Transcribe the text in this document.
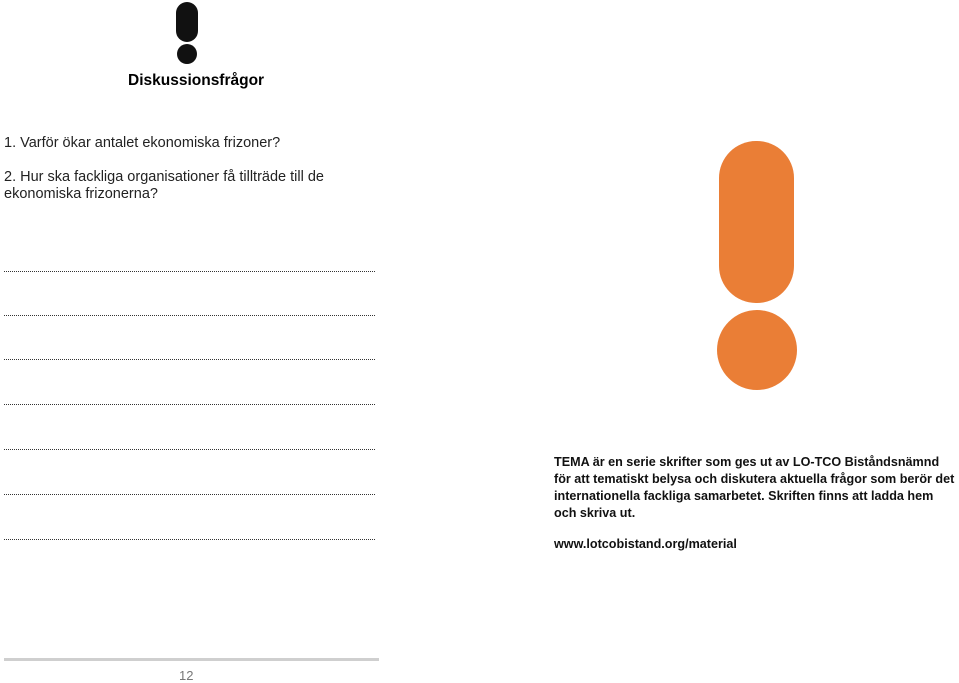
Diskussionsfrågor
1. Varför ökar antalet ekonomiska frizoner?
2. Hur ska fackliga organisationer få tillträde till de ekonomiska frizonerna?
TEMA är en serie skrifter som ges ut av LO-TCO Biståndsnämnd för att tematiskt belysa och diskutera aktuella frågor som berör det internationella fackliga samarbetet. Skriften finns att ladda hem och skriva ut.
www.lotcobistand.org/material
12
